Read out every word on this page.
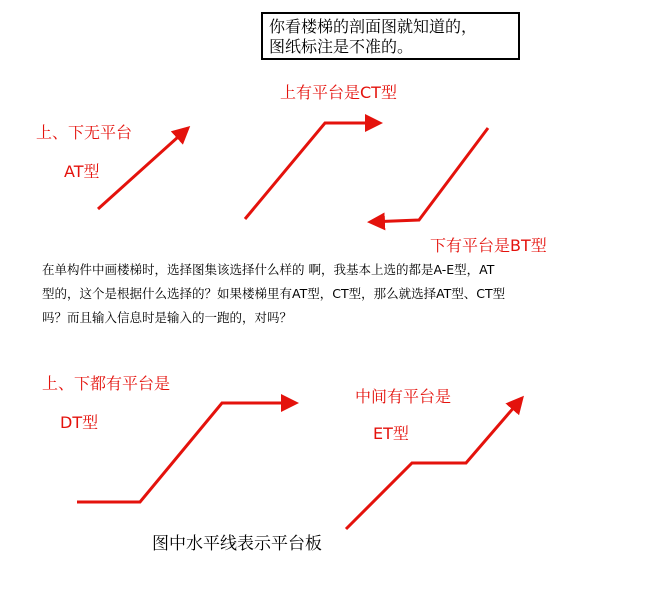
你看楼梯的剖面图就知道的，
图纸标注是不准的。
上有平台是CT型
上、下无平台
AT型
下有平台是BT型
在单构件中画楼梯时，选择图集该选择什么样的 啊，我基本上选的都是A-E型，AT
型的，这个是根据什么选择的？如果楼梯里有AT型，CT型，那么就选择AT型、CT型
吗？而且输入信息时是输入的一跑的，对吗？
上、下都有平台是
DT型
中间有平台是
ET型
图中水平线表示平台板
